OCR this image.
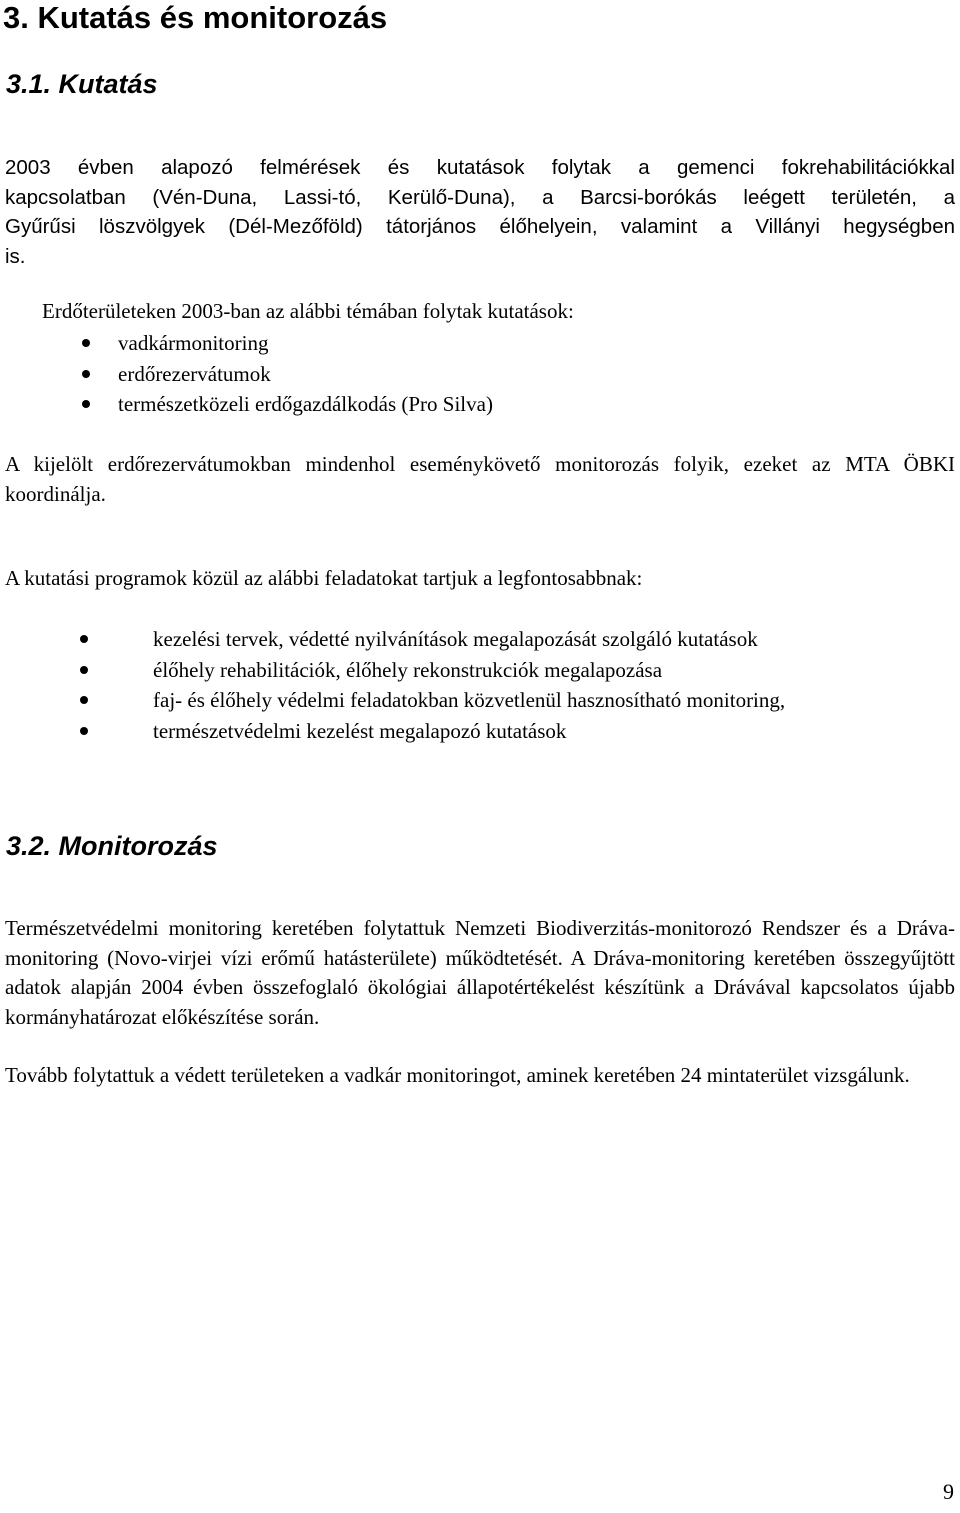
3. Kutatás és monitorozás
3.1. Kutatás
2003 évben alapozó felmérések és kutatások folytak a gemenci fokrehabilitációkkal
kapcsolatban (Vén-Duna, Lassi-tó, Kerülő-Duna), a Barcsi-borókás leégett területén, a
Gyűrűsi löszvölgyek (Dél-Mezőföld) tátorjános élőhelyein, valamint a Villányi hegységben
is.

Erdőterületeken 2003-ban az alábbi témában folytak kutatások:

vadkármonitoring
erdőrezervátumok
természetközeli erdőgazdálkodás (Pro Silva)

A kijelölt erdőrezervátumokban mindenhol eseménykövető monitorozás folyik, ezeket az MTA ÖBKI koordinálja.

A kutatási programok közül az alábbi feladatokat tartjuk a legfontosabbnak:

kezelési tervek, védetté nyilvánítások megalapozását szolgáló kutatások
élőhely rehabilitációk, élőhely rekonstrukciók megalapozása
faj- és élőhely védelmi feladatokban közvetlenül hasznosítható monitoring,
természetvédelmi kezelést megalapozó kutatások
3.2. Monitorozás

Természetvédelmi monitoring keretében folytattuk Nemzeti Biodiverzitás-monitorozó Rendszer és a Dráva-monitoring (Novo-virjei vízi erőmű hatásterülete) működtetését. A Dráva-monitoring keretében összegyűjtött adatok alapján 2004 évben összefoglaló ökológiai állapotértékelést készítünk a Drávával kapcsolatos újabb kormányhatározat előkészítése során.

Tovább folytattuk a védett területeken a vadkár monitoringot, aminek keretében 24 mintaterület vizsgálunk.

9
